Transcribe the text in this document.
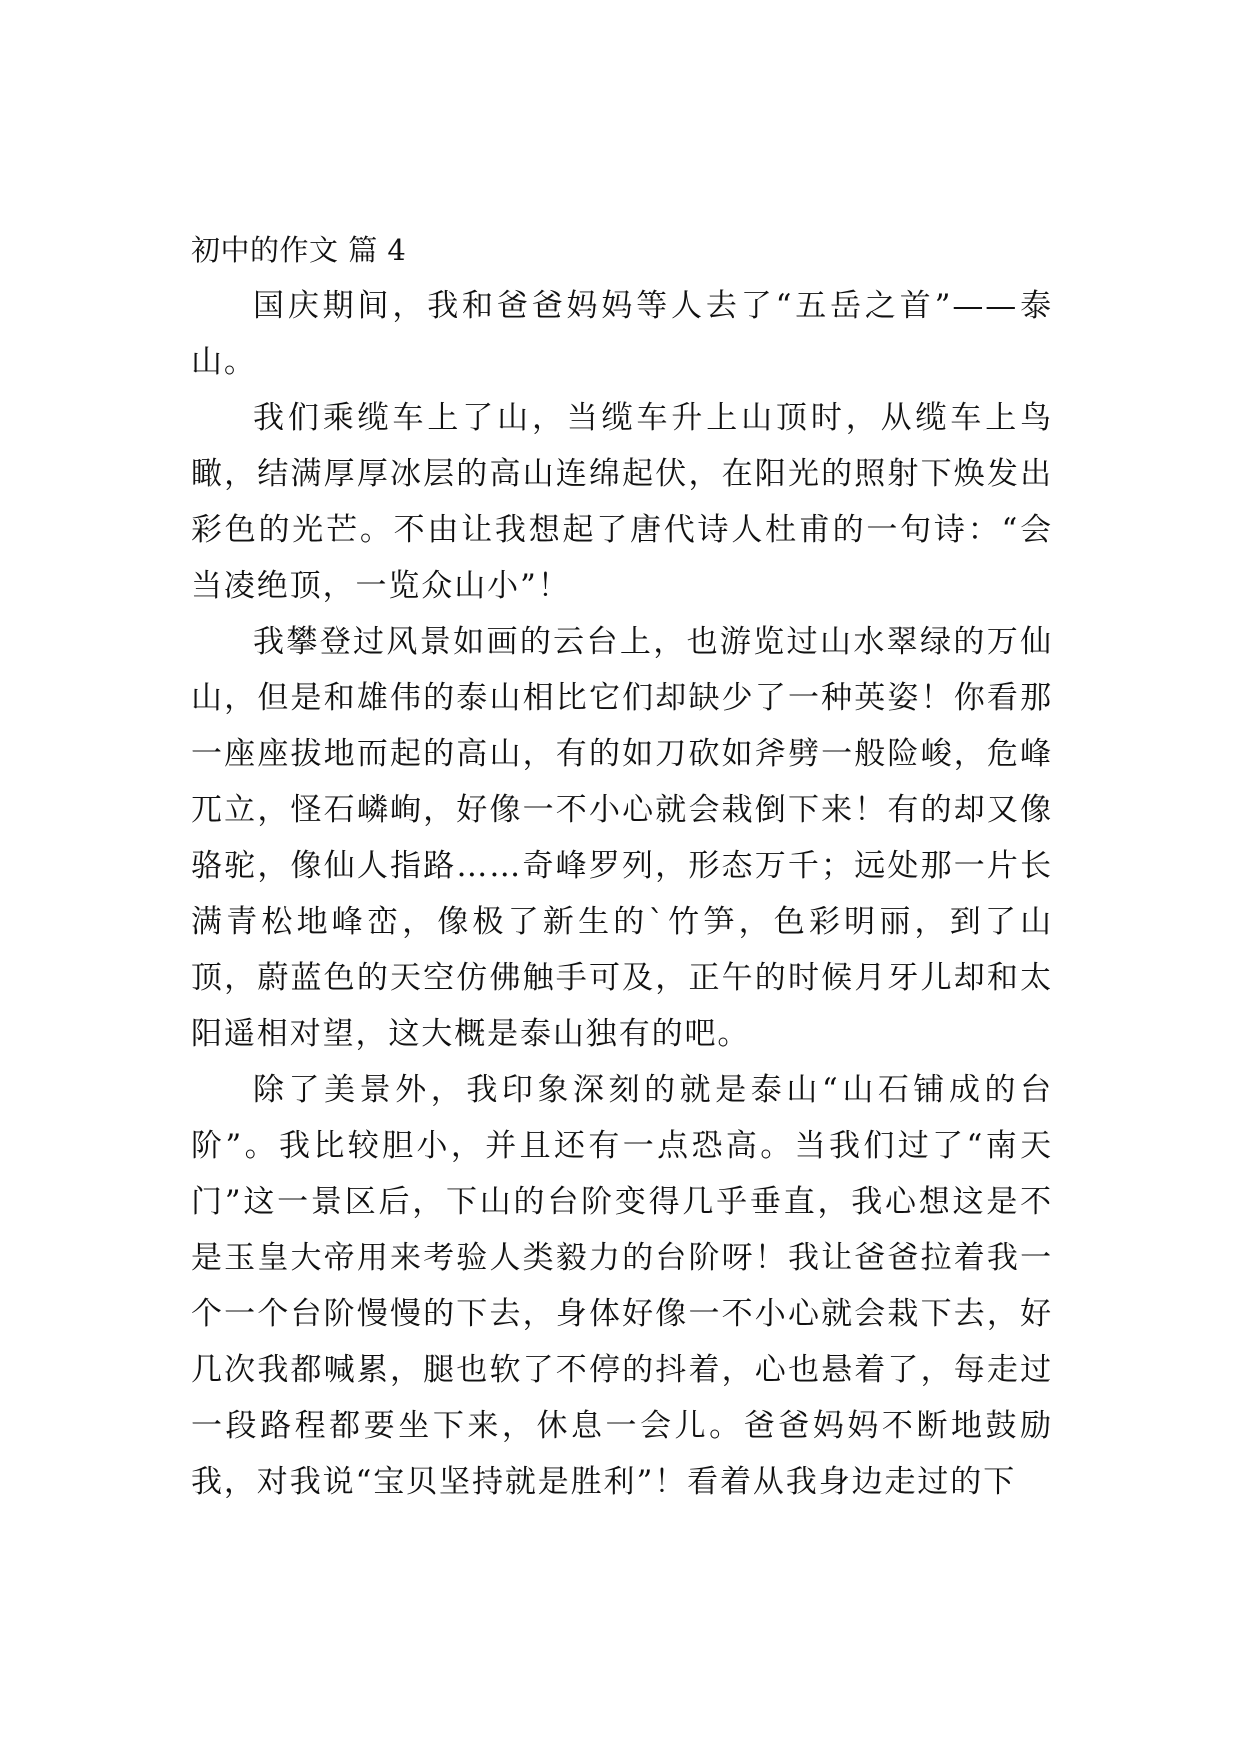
初中的作文 篇 4

国庆期间，我和爸爸妈妈等人去了“五岳之首”——泰山。

我们乘缆车上了山，当缆车升上山顶时，从缆车上鸟瞰，结满厚厚冰层的高山连绵起伏，在阳光的照射下焕发出彩色的光芒。不由让我想起了唐代诗人杜甫的一句诗：“会当凌绝顶，一览众山小”！

我攀登过风景如画的云台上，也游览过山水翠绿的万仙山，但是和雄伟的泰山相比它们却缺少了一种英姿！你看那一座座拔地而起的高山，有的如刀砍如斧劈一般险峻，危峰兀立，怪石嶙峋，好像一不小心就会栽倒下来！有的却又像骆驼，像仙人指路……奇峰罗列，形态万千；远处那一片长满青松地峰峦，像极了新生的`竹笋，色彩明丽，到了山顶，蔚蓝色的天空仿佛触手可及，正午的时候月牙儿却和太阳遥相对望，这大概是泰山独有的吧。

除了美景外，我印象深刻的就是泰山“山石铺成的台阶”。我比较胆小，并且还有一点恐高。当我们过了“南天门”这一景区后，下山的台阶变得几乎垂直，我心想这是不是玉皇大帝用来考验人类毅力的台阶呀！我让爸爸拉着我一个一个台阶慢慢的下去，身体好像一不小心就会栽下去，好几次我都喊累，腿也软了不停的抖着，心也悬着了，每走过一段路程都要坐下来，休息一会儿。爸爸妈妈不断地鼓励我，对我说“宝贝坚持就是胜利”！看着从我身边走过的下
